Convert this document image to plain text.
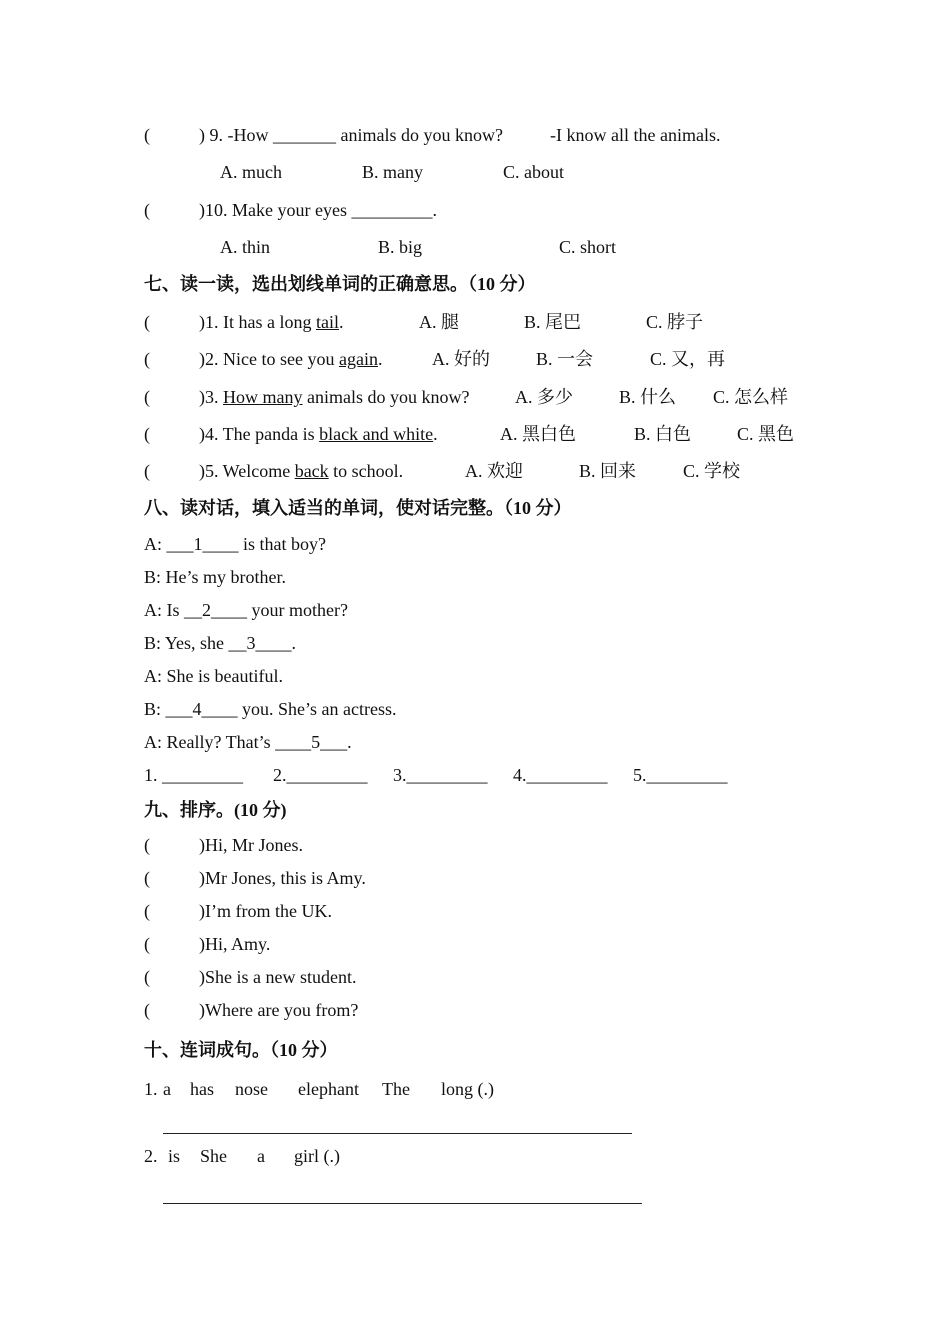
(	) 9. -How _______ animals do you know?	-I know all the animals.
A. much	B. many	C. about
(	)10. Make your eyes _________.
A. thin	B. big	C. short
七、读一读，选出划线单词的正确意思。（10 分）
(	)1. It has a long tail.	A. 腿	B. 尾巴	C. 脖子
(	)2. Nice to see you again.	A. 好的	B. 一会	C. 又，再
(	)3. How many animals do you know?	A. 多少	B. 什么 C. 怎么样
(	)4. The panda is black and white.	A. 黑白色	B. 白色	C. 黑色
(	)5. Welcome back to school.	A. 欢迎	B. 回来	C. 学校
八、读对话，填入适当的单词，使对话完整。（10 分）
A: ___1____ is that boy?
B: He’s my brother.
A: Is __2____ your mother?
B: Yes, she __3____.
A: She is beautiful.
B: ___4____ you. She’s an actress.
A: Really? That’s ____5___.
1. _________ 2._________ 3._________ 4._________ 5._________
九、排序。(10 分)
(	)Hi, Mr Jones.
(	)Mr Jones, this is Amy.
(	)I’m from the UK.
(	)Hi, Amy.
(	)She is a new student.
(	)Where are you from?
十、连词成句。（10 分）
1. a has nose elephant The long (.)
2. is She a girl (.)
